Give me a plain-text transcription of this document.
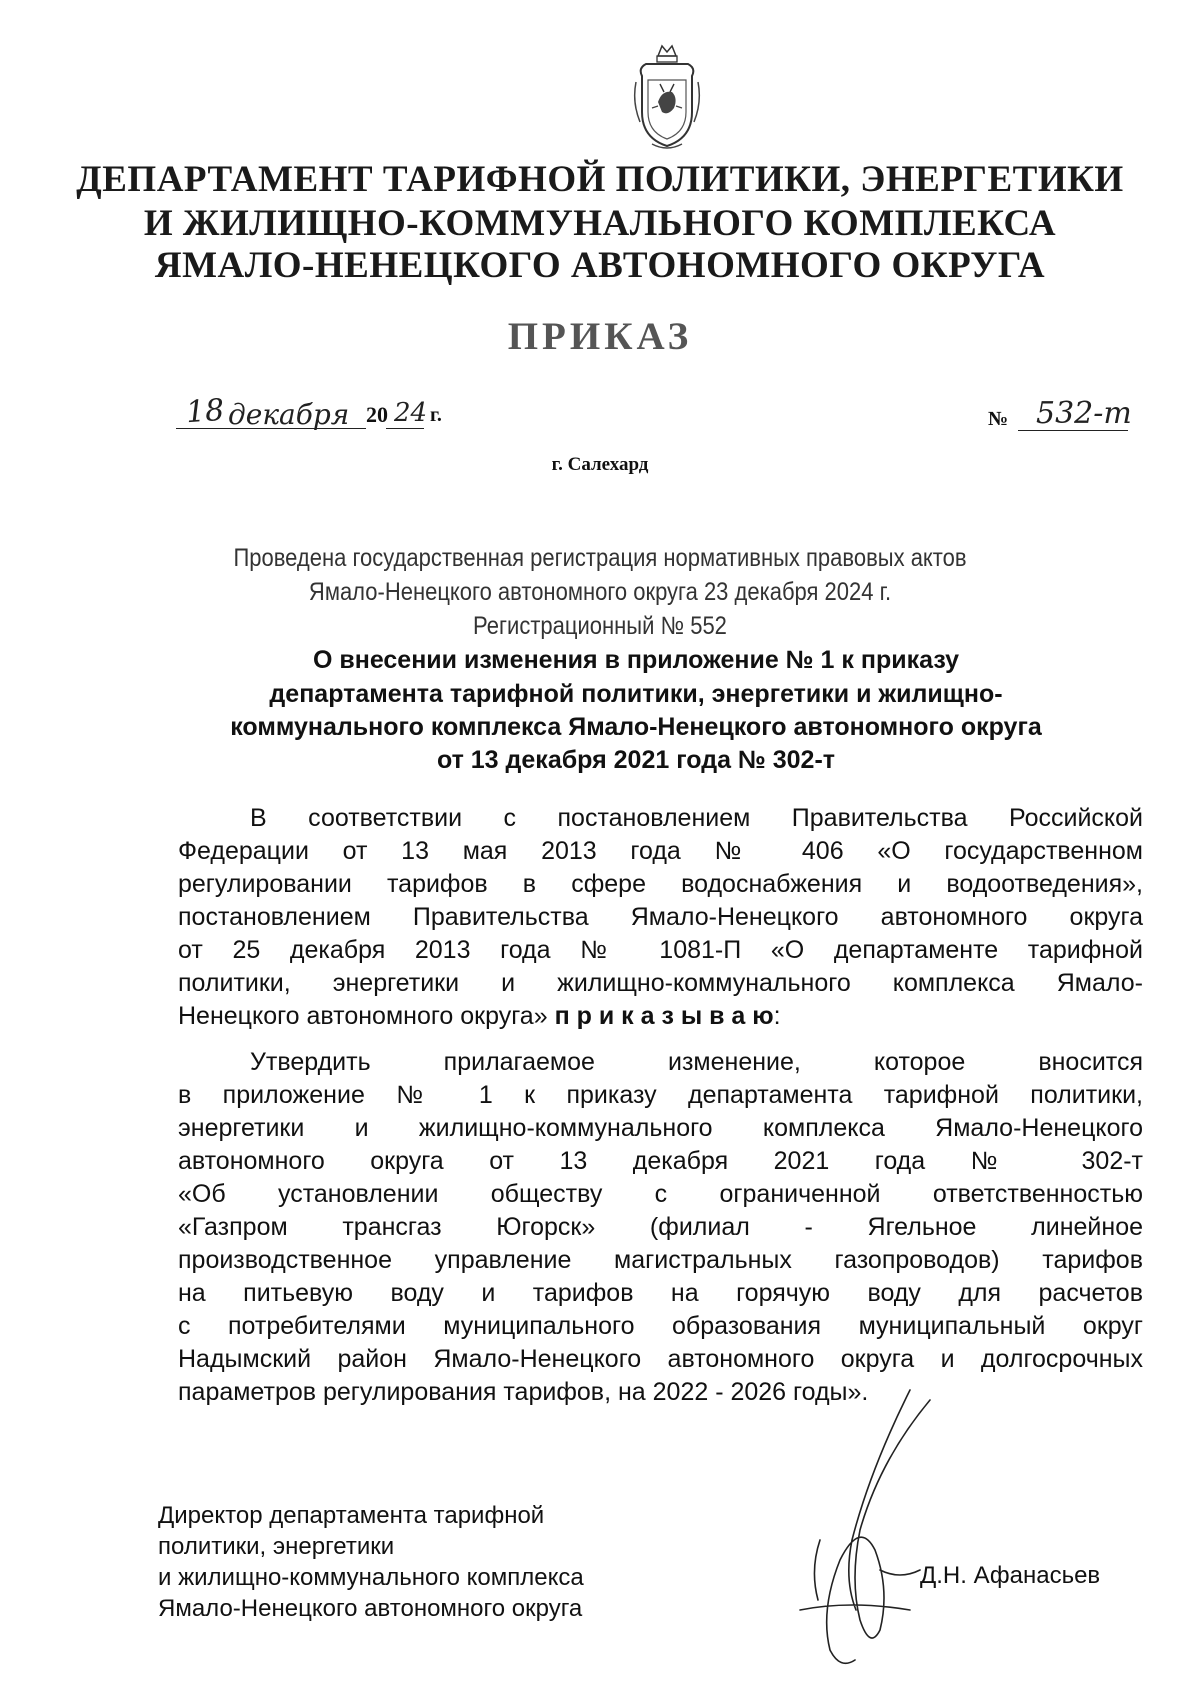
ДЕПАРТАМЕНТ ТАРИФНОЙ ПОЛИТИКИ, ЭНЕРГЕТИКИ
И ЖИЛИЩНО-КОММУНАЛЬНОГО КОМПЛЕКСА
ЯМАЛО-НЕНЕЦКОГО АВТОНОМНОГО ОКРУГА
ПРИКАЗ
18 декабря 20 24 г.	№ 532-т
г. Салехард
Проведена государственная регистрация нормативных правовых актов
Ямало-Ненецкого автономного округа 23 декабря 2024 г.
Регистрационный № 552
О внесении изменения в приложение № 1 к приказу
департамента тарифной политики, энергетики и жилищно-
коммунального комплекса Ямало-Ненецкого автономного округа
от 13 декабря 2021 года № 302-т
В соответствии с постановлением Правительства Российской
Федерации от 13 мая 2013 года № 406 «О государственном
регулировании тарифов в сфере водоснабжения и водоотведения»,
постановлением Правительства Ямало-Ненецкого автономного округа
от 25 декабря 2013 года № 1081-П «О департаменте тарифной
политики, энергетики и жилищно-коммунального комплекса Ямало-
Ненецкого автономного округа» п р и к а з ы в а ю:
Утвердить прилагаемое изменение, которое вносится
в приложение № 1 к приказу департамента тарифной политики,
энергетики и жилищно-коммунального комплекса Ямало-Ненецкого
автономного округа от 13 декабря 2021 года № 302-т
«Об установлении обществу с ограниченной ответственностью
«Газпром трансгаз Югорск» (филиал - Ягельное линейное
производственное управление магистральных газопроводов) тарифов
на питьевую воду и тарифов на горячую воду для расчетов
с потребителями муниципального образования муниципальный округ
Надымский район Ямало-Ненецкого автономного округа и долгосрочных
параметров регулирования тарифов, на 2022 - 2026 годы».
Директор департамента тарифной
политики, энергетики
и жилищно-коммунального комплекса
Ямало-Ненецкого автономного округа
Д.Н. Афанасьев
